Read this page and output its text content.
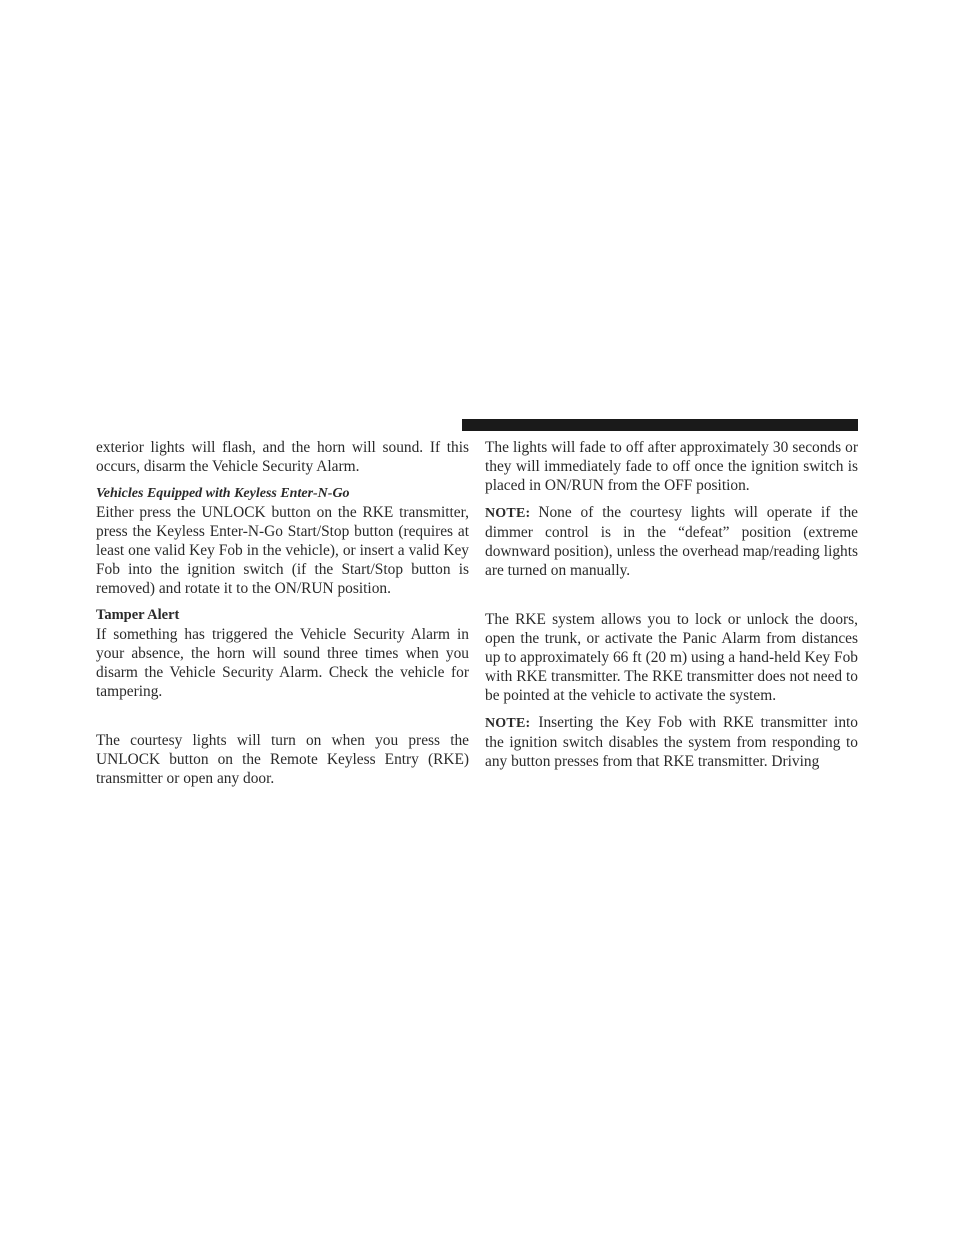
exterior lights will flash, and the horn will sound. If this occurs, disarm the Vehicle Security Alarm.

Vehicles Equipped with Keyless Enter-N-Go

Either press the UNLOCK button on the RKE transmitter, press the Keyless Enter-N-Go Start/Stop button (requires at least one valid Key Fob in the vehicle), or insert a valid Key Fob into the ignition switch (if the Start/Stop button is removed) and rotate it to the ON/RUN position.

Tamper Alert

If something has triggered the Vehicle Security Alarm in your absence, the horn will sound three times when you disarm the Vehicle Security Alarm. Check the vehicle for tampering.

The courtesy lights will turn on when you press the UNLOCK button on the Remote Keyless Entry (RKE) transmitter or open any door.

The lights will fade to off after approximately 30 seconds or they will immediately fade to off once the ignition switch is placed in ON/RUN from the OFF position.

NOTE: None of the courtesy lights will operate if the dimmer control is in the “defeat” position (extreme downward position), unless the overhead map/reading lights are turned on manually.

The RKE system allows you to lock or unlock the doors, open the trunk, or activate the Panic Alarm from distances up to approximately 66 ft (20 m) using a hand-held Key Fob with RKE transmitter. The RKE transmitter does not need to be pointed at the vehicle to activate the system.

NOTE: Inserting the Key Fob with RKE transmitter into the ignition switch disables the system from responding to any button presses from that RKE transmitter. Driving
